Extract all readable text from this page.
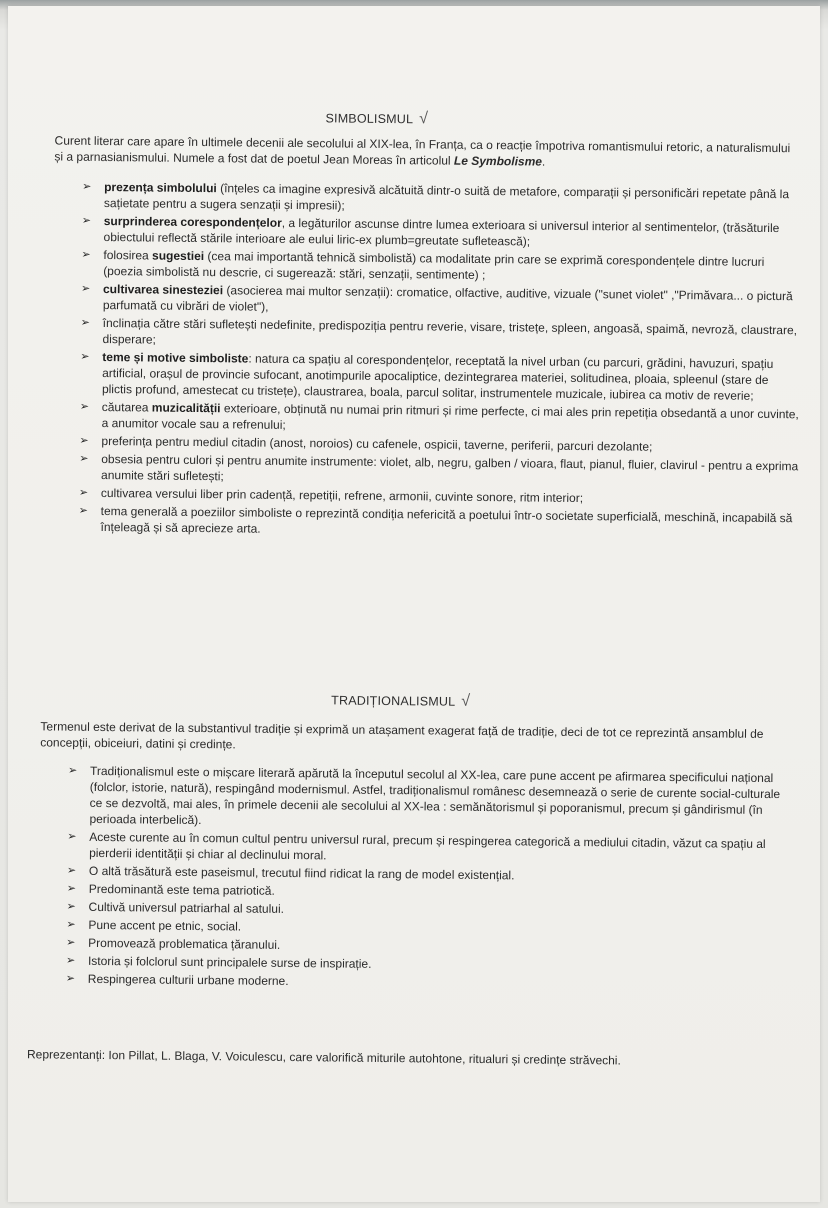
SIMBOLISMUL √
Curent literar care apare în ultimele decenii ale secolului al XIX-lea, în Franța, ca o reacție împotriva romantismului retoric, a naturalismului și a parnasianismului. Numele a fost dat de poetul Jean Moreas în articolul Le Symbolisme.
➢ prezența simbolului (înțeles ca imagine expresivă alcătuită dintr-o suită de metafore, comparații și personificări repetate până la sațietate pentru a sugera senzații și impresii);
➢ surprinderea corespondențelor, a legăturilor ascunse dintre lumea exterioara si universul interior al sentimentelor, (trăsăturile obiectului reflectă stările interioare ale eului liric-ex plumb=greutate sufletească);
➢ folosirea sugestiei (cea mai importantă tehnică simbolistă) ca modalitate prin care se exprimă corespondențele dintre lucruri (poezia simbolistă nu descrie, ci sugerează: stări, senzații, sentimente) ;
➢ cultivarea sinesteziei (asocierea mai multor senzații): cromatice, olfactive, auditive, vizuale ("sunet violet" ,"Primăvara... o pictură parfumată cu vibrări de violet"),
➢ înclinația către stări sufletești nedefinite, predispoziția pentru reverie, visare, tristețe, spleen, angoasă, spaimă, nevroză, claustrare, disperare;
➢ teme și motive simboliste: natura ca spațiu al corespondențelor, receptată la nivel urban (cu parcuri, grădini, havuzuri, spațiu artificial, orașul de provincie sufocant, anotimpurile apocaliptice, dezintegrarea materiei, solitudinea, ploaia, spleenul (stare de plictis profund, amestecat cu tristețe), claustrarea, boala, parcul solitar, instrumentele muzicale, iubirea ca motiv de reverie;
➢ căutarea muzicalității exterioare, obținută nu numai prin ritmuri și rime perfecte, ci mai ales prin repetiția obsedantă a unor cuvinte, a anumitor vocale sau a refrenului;
➢ preferința pentru mediul citadin (anost, noroios) cu cafenele, ospicii, taverne, periferii, parcuri dezolante;
➢ obsesia pentru culori și pentru anumite instrumente: violet, alb, negru, galben / vioara, flaut, pianul, fluier, clavirul - pentru a exprima anumite stări sufletești;
➢ cultivarea versului liber prin cadență, repetiții, refrene, armonii, cuvinte sonore, ritm interior;
➢ tema generală a poeziilor simboliste o reprezintă condiția nefericită a poetului într-o societate superficială, meschină, incapabilă să înțeleagă și să aprecieze arta.
TRADIȚIONALISMUL √
Termenul este derivat de la substantivul tradiție și exprimă un atașament exagerat față de tradiție, deci de tot ce reprezintă ansamblul de concepții, obiceiuri, datini și credințe.
➢ Tradiționalismul este o mișcare literară apărută la începutul secolul al XX-lea, care pune accent pe afirmarea specificului național (folclor, istorie, natură), respingând modernismul. Astfel, tradiționalismul românesc desemnează o serie de curente social-culturale ce se dezvoltă, mai ales, în primele decenii ale secolului al XX-lea : semănătorismul și poporanismul, precum și gândirismul (în perioada interbelică).
➢ Aceste curente au în comun cultul pentru universul rural, precum și respingerea categorică a mediului citadin, văzut ca spațiu al pierderii identității și chiar al declinului moral.
➢ O altă trăsătură este paseismul, trecutul fiind ridicat la rang de model existențial.
➢ Predominantă este tema patriotică.
➢ Cultivă universul patriarhal al satului.
➢ Pune accent pe etnic, social.
➢ Promovează problematica țăranului.
➢ Istoria și folclorul sunt principalele surse de inspirație.
➢ Respingerea culturii urbane moderne.
Reprezentanți: Ion Pillat, L. Blaga, V. Voiculescu, care valorifică miturile autohtone, ritualuri și credințe străvechi.
